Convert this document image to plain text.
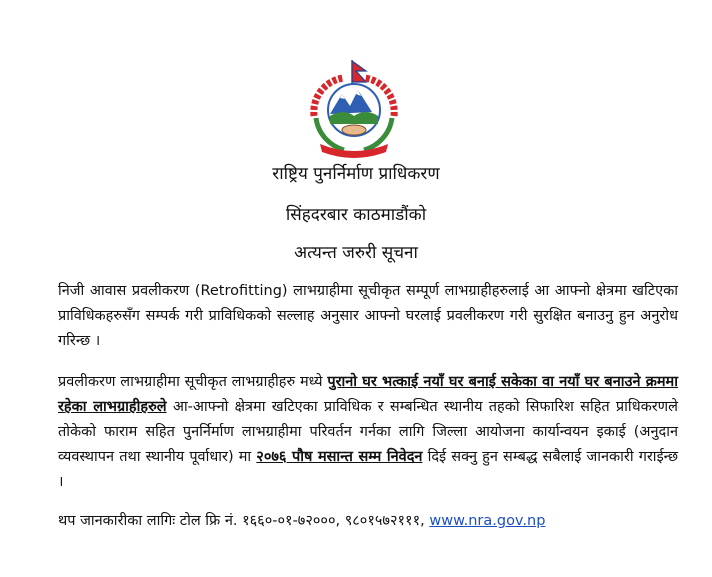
राष्ट्रिय पुनर्निर्माण प्राधिकरण
सिंहदरबार काठमाडौंको
अत्यन्त जरुरी सूचना
निजी आवास प्रवलीकरण (Retrofitting) लाभग्राहीमा सूचीकृत सम्पूर्ण लाभग्राहीहरुलाई आ आफ्नो क्षेत्रमा खटिएका प्राविधिकहरुसँग सम्पर्क गरी प्राविधिकको सल्लाह अनुसार आफ्नो घरलाई प्रवलीकरण गरी सुरक्षित बनाउनु हुन अनुरोध गरिन्छ ।
प्रवलीकरण लाभग्राहीमा सूचीकृत लाभग्राहीहरु मध्ये पुरानो घर भत्काई नयाँ घर बनाई सकेका वा नयाँ घर बनाउने क्रममा रहेका लाभग्राहीहरुले आ-आफ्नो क्षेत्रमा खटिएका प्राविधिक र सम्बन्धित स्थानीय तहको सिफारिश सहित प्राधिकरणले तोकेको फाराम सहित पुनर्निर्माण लाभग्राहीमा परिवर्तन गर्नका लागि जिल्ला आयोजना कार्यान्वयन इकाई (अनुदान व्यवस्थापन तथा स्थानीय पूर्वाधार) मा २०७६ पौष मसान्त सम्म निवेदन दिई सक्नु हुन सम्बद्ध सबैलाई जानकारी गराईन्छ ।
थप जानकारीका लागिः टोल फ्रि नं. १६६०-०१-७२०००, ९८०१५७२१११, www.nra.gov.np
